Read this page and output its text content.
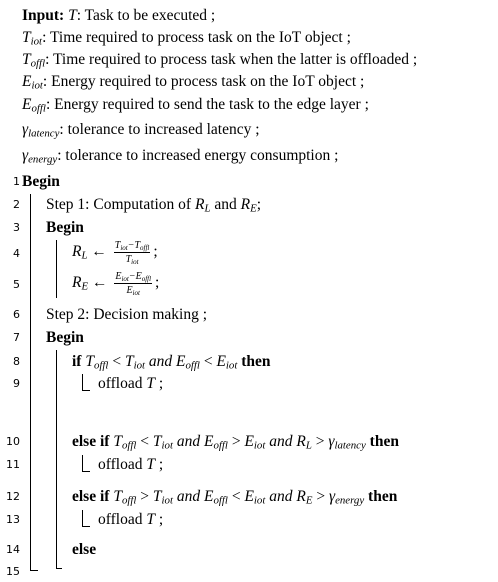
Input: T: Task to be executed ;
$T_{iot}$: Time required to process task on the IoT object ;
$T_{offl}$: Time required to process task when the latter is offloaded ;
$E_{iot}$: Energy required to process task on the IoT object ;
$E_{offl}$: Energy required to send the task to the edge layer ;
$\gamma_{latency}$: tolerance to increased latency ;
$\gamma_{energy}$: tolerance to increased energy consumption ;
1
2
3
4
5
6
7
8
9
10
11
12
13
14
15
Begin
Step 1: Computation of $R_L$ and $R_E$;
Begin
$R_L$ ← $\frac{T_{iot}-T_{offl}}{T_{iot}}$ ;
$R_E$ ← $\frac{E_{iot}-E_{offl}}{E_{iot}}$ ;
Step 2: Decision making ;
Begin
if $T_{offl} < T_{iot}$ and $E_{offl} < E_{iot}$ then
offload T ;
else if $T_{offl} < T_{iot}$ and $E_{offl} > E_{iot}$ and $R_L > \gamma_{latency}$ then
offload T ;
else if $T_{offl} > T_{iot}$ and $E_{offl} < E_{iot}$ and $R_E > \gamma_{energy}$ then
offload T ;
else
